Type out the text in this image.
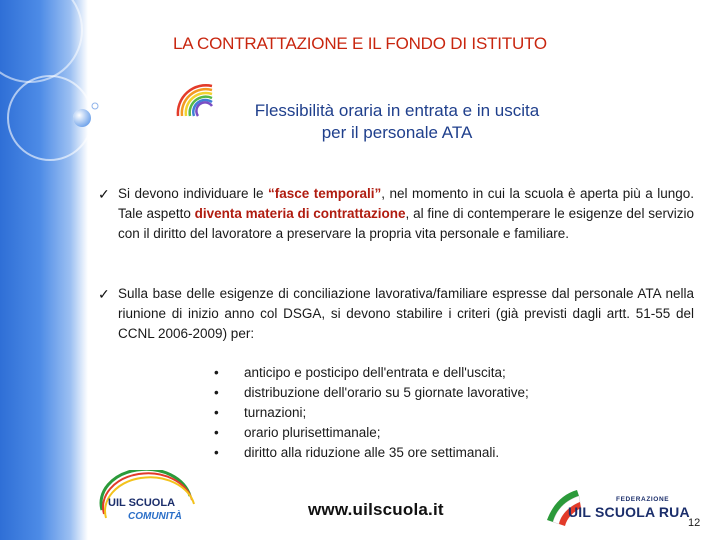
LA CONTRATTAZIONE E IL FONDO DI ISTITUTO
Flessibilità oraria in entrata e in uscita
per il personale ATA
✓ Si devono individuare le “fasce temporali”, nel momento in cui la scuola è aperta più a lungo. Tale aspetto diventa materia di contrattazione, al fine di contemperare le esigenze del servizio con il diritto del lavoratore a preservare la propria vita personale e familiare.
✓ Sulla base delle esigenze di conciliazione lavorativa/familiare espresse dal personale ATA nella riunione di inizio anno col DSGA, si devono stabilire i criteri (già previsti dagli artt. 51-55 del CCNL 2006-2009) per:
• anticipo e posticipo dell'entrata e dell'uscita;
• distribuzione dell'orario su 5 giornate lavorative;
• turnazioni;
• orario plurisettimanale;
• diritto alla riduzione alle 35 ore settimanali.
UIL SCUOLA
COMUNITÀ	www.uilscuola.it
FEDERAZIONE
UIL SCUOLA RUA
12
